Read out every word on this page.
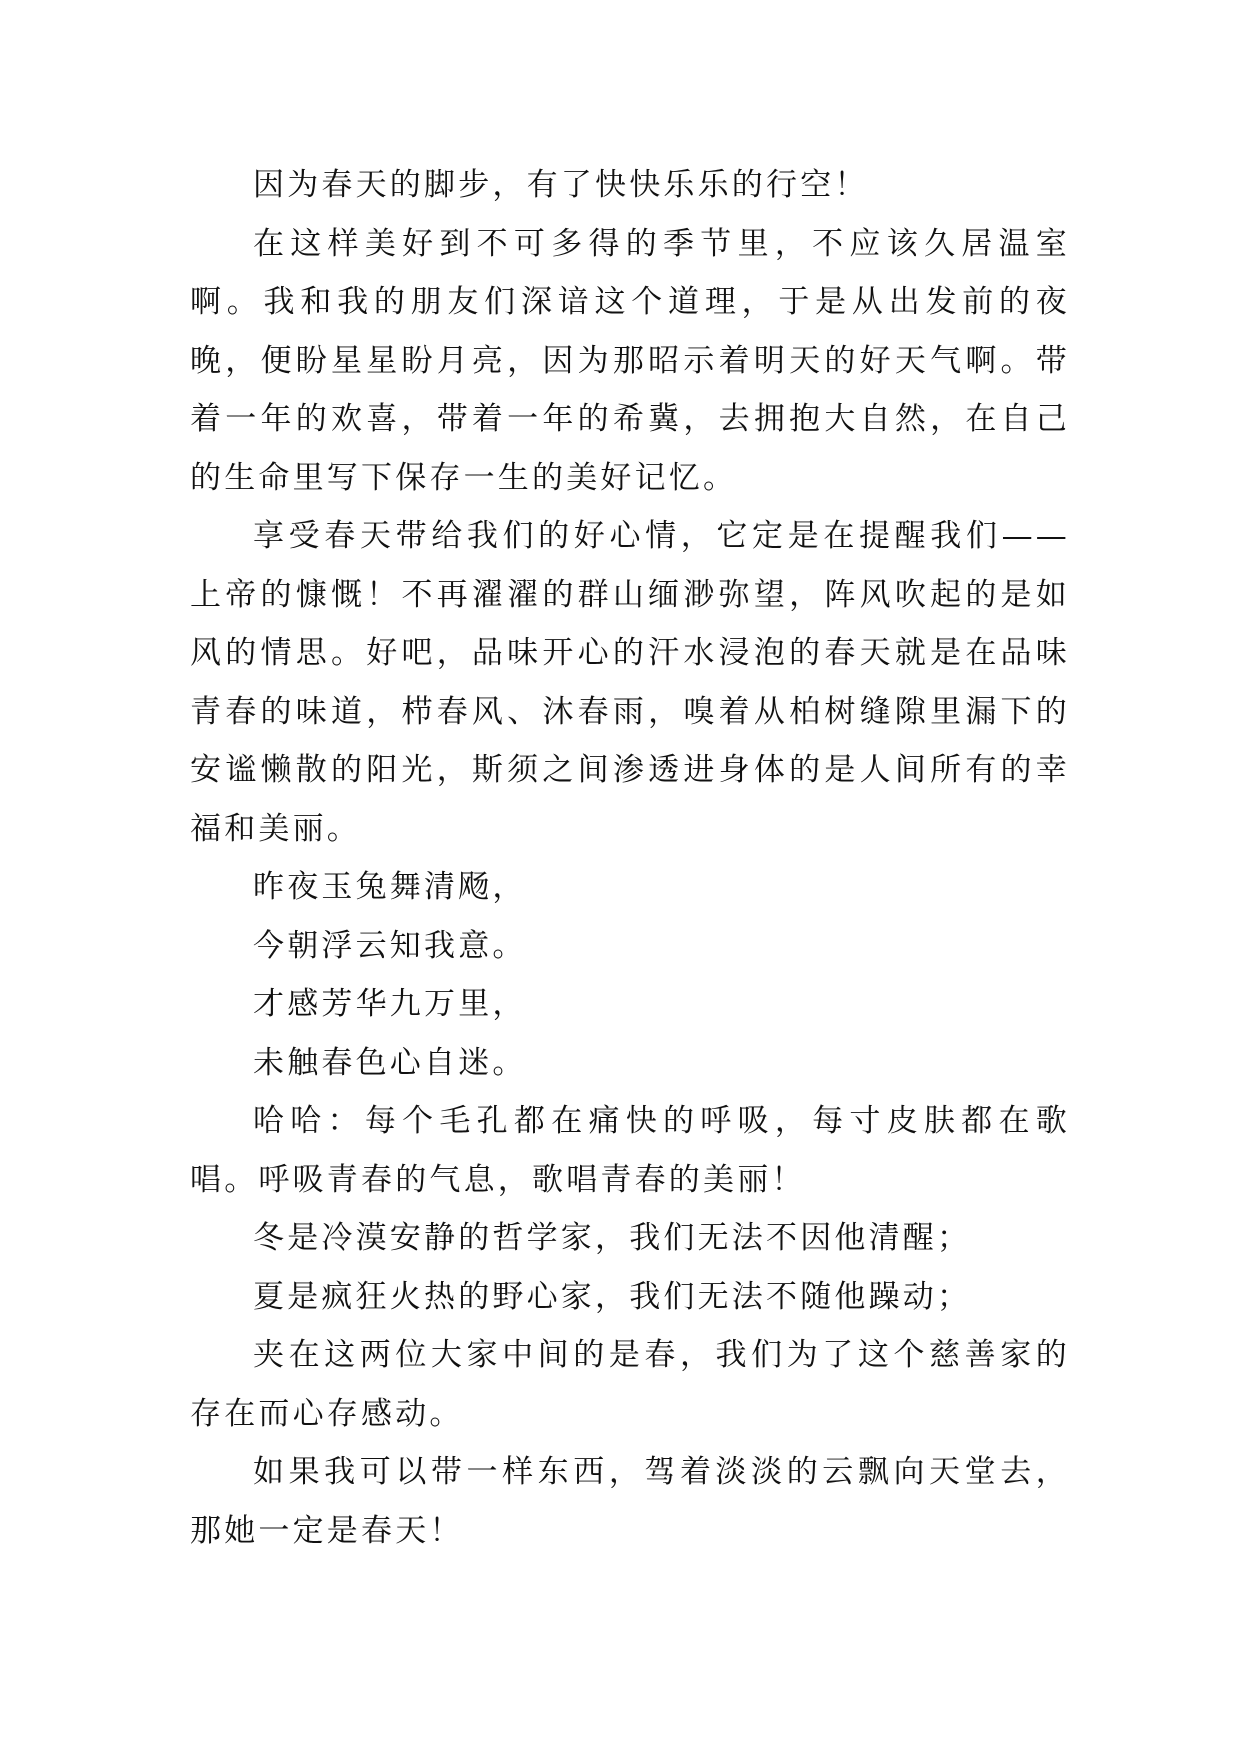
因为春天的脚步，有了快快乐乐的行空！

在这样美好到不可多得的季节里，不应该久居温室啊。我和我的朋友们深谙这个道理，于是从出发前的夜晚，便盼星星盼月亮，因为那昭示着明天的好天气啊。带着一年的欢喜，带着一年的希冀，去拥抱大自然，在自己的生命里写下保存一生的美好记忆。

享受春天带给我们的好心情，它定是在提醒我们——上帝的慷慨！不再濯濯的群山缅渺弥望，阵风吹起的是如风的情思。好吧，品味开心的汗水浸泡的春天就是在品味青春的味道，栉春风、沐春雨，嗅着从柏树缝隙里漏下的安谧懒散的阳光，斯须之间渗透进身体的是人间所有的幸福和美丽。

昨夜玉兔舞清飏，

今朝浮云知我意。

才感芳华九万里，

未触春色心自迷。

哈哈：每个毛孔都在痛快的呼吸，每寸皮肤都在歌唱。呼吸青春的气息，歌唱青春的美丽！

冬是冷漠安静的哲学家，我们无法不因他清醒；

夏是疯狂火热的野心家，我们无法不随他躁动；

夹在这两位大家中间的是春，我们为了这个慈善家的存在而心存感动。

如果我可以带一样东西，驾着淡淡的云飘向天堂去，那她一定是春天！
